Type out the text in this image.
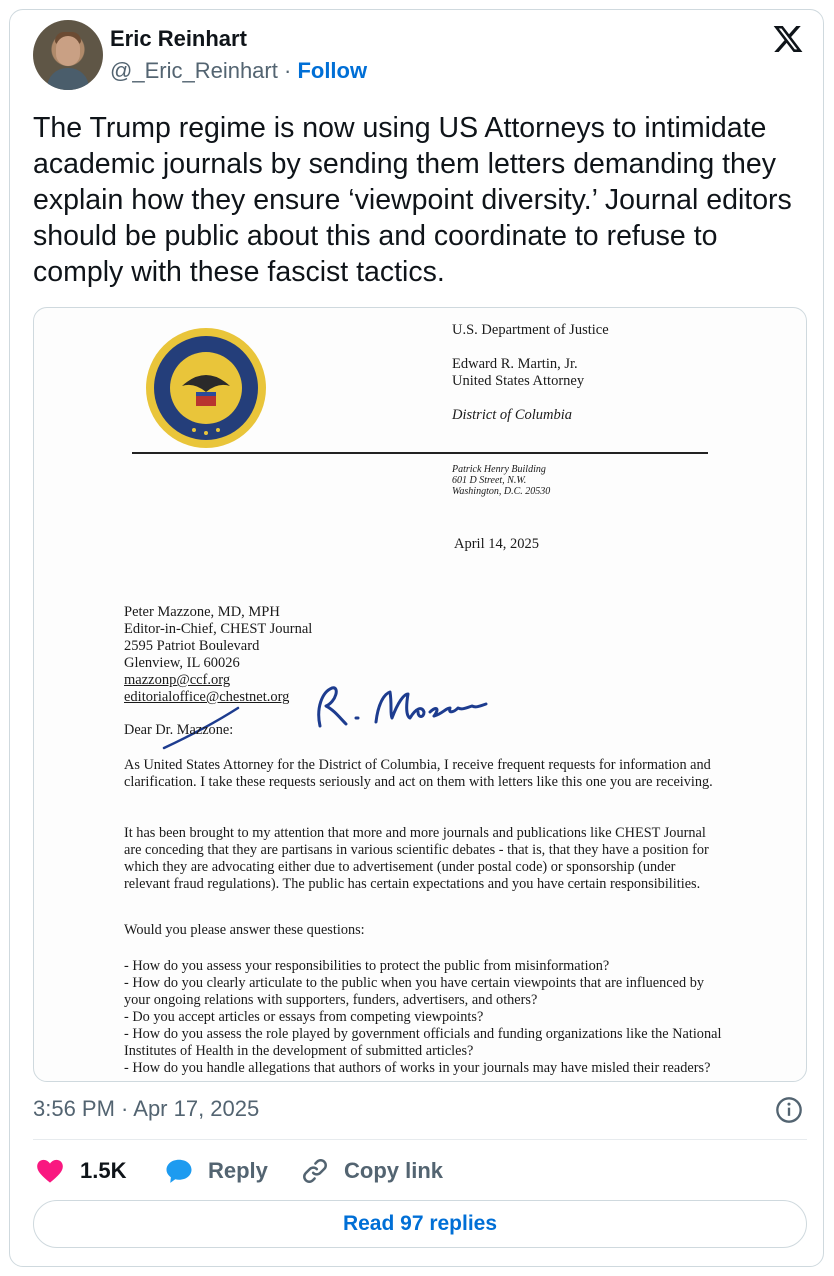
Eric Reinhart
@_Eric_Reinhart · Follow
The Trump regime is now using US Attorneys to intimidate academic journals by sending them letters demanding they explain how they ensure ‘viewpoint diversity.’ Journal editors should be public about this and coordinate to refuse to comply with these fascist tactics.
U.S. Department of Justice
Edward R. Martin, Jr.
United States Attorney
District of Columbia
Patrick Henry Building
601 D Street, N.W.
Washington, D.C. 20530
April 14, 2025
Peter Mazzone, MD, MPH
Editor-in-Chief, CHEST Journal
2595 Patriot Boulevard
Glenview, IL 60026
mazzonp@ccf.org
editorialoffice@chestnet.org
Dear Dr. Mazzone:
As United States Attorney for the District of Columbia, I receive frequent requests for information and clarification. I take these requests seriously and act on them with letters like this one you are receiving.
It has been brought to my attention that more and more journals and publications like CHEST Journal are conceding that they are partisans in various scientific debates - that is, that they have a position for which they are advocating either due to advertisement (under postal code) or sponsorship (under relevant fraud regulations). The public has certain expectations and you have certain responsibilities.
Would you please answer these questions:
- How do you assess your responsibilities to protect the public from misinformation?
- How do you clearly articulate to the public when you have certain viewpoints that are influenced by your ongoing relations with supporters, funders, advertisers, and others?
- Do you accept articles or essays from competing viewpoints?
- How do you assess the role played by government officials and funding organizations like the National Institutes of Health in the development of submitted articles?
- How do you handle allegations that authors of works in your journals may have misled their readers?
3:56 PM · Apr 17, 2025
1.5K	Reply	Copy link
Read 97 replies
